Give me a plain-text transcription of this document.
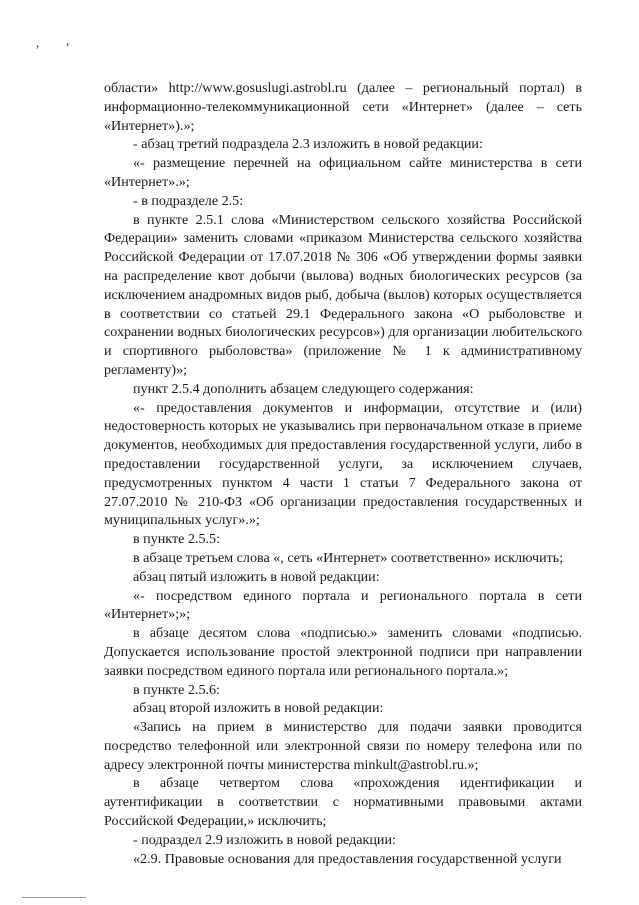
, ,

области» http://www.gosuslugi.astrobl.ru (далее – региональный портал) в информационно-телекоммуникационной сети «Интернет» (далее – сеть «Интернет»).»;

- абзац третий подраздела 2.3 изложить в новой редакции:

«- размещение перечней на официальном сайте министерства в сети «Интернет».»;

- в подразделе 2.5:

в пункте 2.5.1 слова «Министерством сельского хозяйства Российской Федерации» заменить словами «приказом Министерства сельского хозяйства Российской Федерации от 17.07.2018 № 306 «Об утверждении формы заявки на распределение квот добычи (вылова) водных биологических ресурсов (за исключением анадромных видов рыб, добыча (вылов) которых осуществляется в соответствии со статьей 29.1 Федерального закона «О рыболовстве и сохранении водных биологических ресурсов») для организации любительского и спортивного рыболовства» (приложение № 1 к административному регламенту)»;

пункт 2.5.4 дополнить абзацем следующего содержания:

«- предоставления документов и информации, отсутствие и (или) недостоверность которых не указывались при первоначальном отказе в приеме документов, необходимых для предоставления государственной услуги, либо в предоставлении государственной услуги, за исключением случаев, предусмотренных пунктом 4 части 1 статьи 7 Федерального закона от 27.07.2010 № 210-ФЗ «Об организации предоставления государственных и муниципальных услуг».»;

в пункте 2.5.5:

в абзаце третьем слова «, сеть «Интернет» соответственно» исключить;

абзац пятый изложить в новой редакции:

«- посредством единого портала и регионального портала в сети «Интернет»;»;

в абзаце десятом слова «подписью.» заменить словами «подписью. Допускается использование простой электронной подписи при направлении заявки посредством единого портала или регионального портала.»;

в пункте 2.5.6:

абзац второй изложить в новой редакции:

«Запись на прием в министерство для подачи заявки проводится посредство телефонной или электронной связи по номеру телефона или по адресу электронной почты министерства minkult@astrobl.ru.»;

в абзаце четвертом слова «прохождения идентификации и аутентификации в соответствии с нормативными правовыми актами Российской Федерации,» исключить;

- подраздел 2.9 изложить в новой редакции:

«2.9. Правовые основания для предоставления государственной услуги
